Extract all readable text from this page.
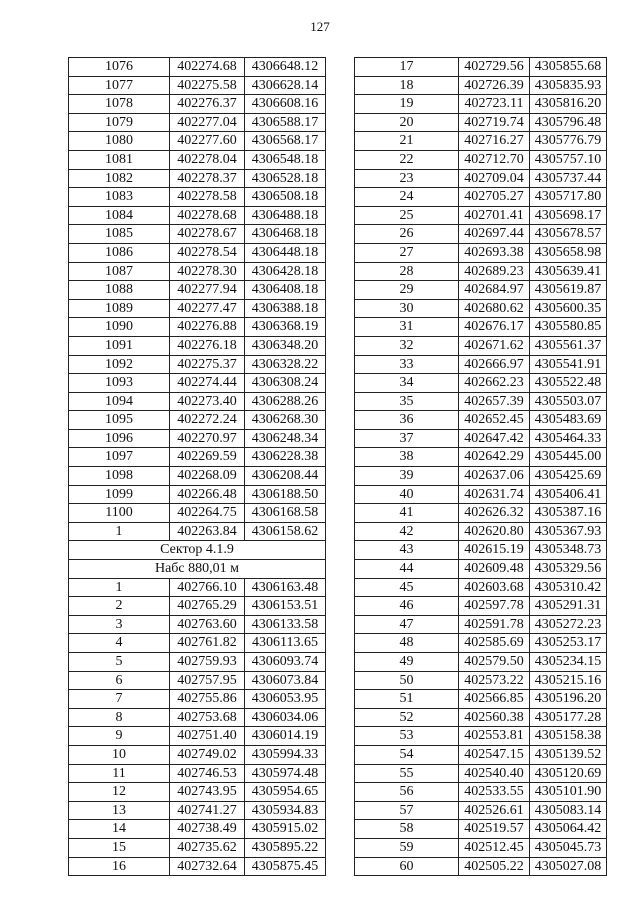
127
1076	402274.68	4306648.12
1077	402275.58	4306628.14
1078	402276.37	4306608.16
1079	402277.04	4306588.17
1080	402277.60	4306568.17
1081	402278.04	4306548.18
1082	402278.37	4306528.18
1083	402278.58	4306508.18
1084	402278.68	4306488.18
1085	402278.67	4306468.18
1086	402278.54	4306448.18
1087	402278.30	4306428.18
1088	402277.94	4306408.18
1089	402277.47	4306388.18
1090	402276.88	4306368.19
1091	402276.18	4306348.20
1092	402275.37	4306328.22
1093	402274.44	4306308.24
1094	402273.40	4306288.26
1095	402272.24	4306268.30
1096	402270.97	4306248.34
1097	402269.59	4306228.38
1098	402268.09	4306208.44
1099	402266.48	4306188.50
1100	402264.75	4306168.58
1	402263.84	4306158.62
Сектор 4.1.9		
Набс 880,01 м		
1	402766.10	4306163.48
2	402765.29	4306153.51
3	402763.60	4306133.58
4	402761.82	4306113.65
5	402759.93	4306093.74
6	402757.95	4306073.84
7	402755.86	4306053.95
8	402753.68	4306034.06
9	402751.40	4306014.19
10	402749.02	4305994.33
11	402746.53	4305974.48
12	402743.95	4305954.65
13	402741.27	4305934.83
14	402738.49	4305915.02
15	402735.62	4305895.22
16	402732.64	4305875.45
17	402729.56	4305855.68
18	402726.39	4305835.93
19	402723.11	4305816.20
20	402719.74	4305796.48
21	402716.27	4305776.79
22	402712.70	4305757.10
23	402709.04	4305737.44
24	402705.27	4305717.80
25	402701.41	4305698.17
26	402697.44	4305678.57
27	402693.38	4305658.98
28	402689.23	4305639.41
29	402684.97	4305619.87
30	402680.62	4305600.35
31	402676.17	4305580.85
32	402671.62	4305561.37
33	402666.97	4305541.91
34	402662.23	4305522.48
35	402657.39	4305503.07
36	402652.45	4305483.69
37	402647.42	4305464.33
38	402642.29	4305445.00
39	402637.06	4305425.69
40	402631.74	4305406.41
41	402626.32	4305387.16
42	402620.80	4305367.93
43	402615.19	4305348.73
44	402609.48	4305329.56
45	402603.68	4305310.42
46	402597.78	4305291.31
47	402591.78	4305272.23
48	402585.69	4305253.17
49	402579.50	4305234.15
50	402573.22	4305215.16
51	402566.85	4305196.20
52	402560.38	4305177.28
53	402553.81	4305158.38
54	402547.15	4305139.52
55	402540.40	4305120.69
56	402533.55	4305101.90
57	402526.61	4305083.14
58	402519.57	4305064.42
59	402512.45	4305045.73
60	402505.22	4305027.08
